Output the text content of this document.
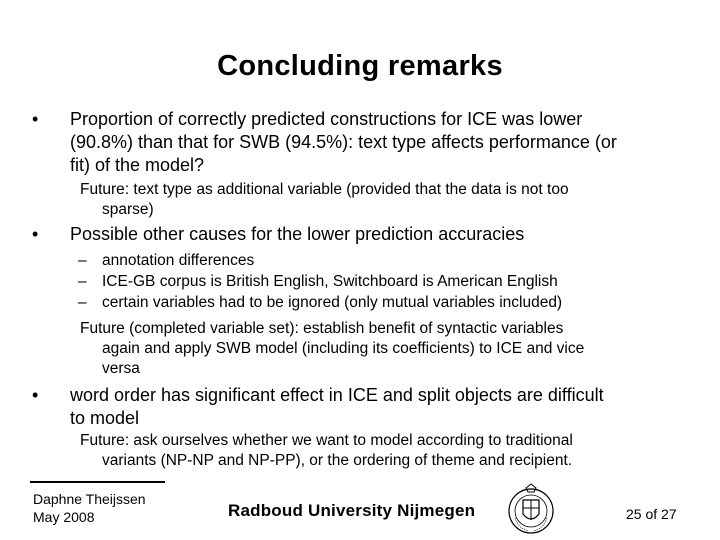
Concluding remarks
• Proportion of correctly predicted constructions for ICE was lower
(90.8%) than that for SWB (94.5%): text type affects performance (or
fit) of the model?
Future: text type as additional variable (provided that the data is not too
sparse)
• Possible other causes for the lower prediction accuracies
– annotation differences
– ICE-GB corpus is British English, Switchboard is American English
– certain variables had to be ignored (only mutual variables included)
Future (completed variable set): establish benefit of syntactic variables
again and apply SWB model (including its coefficients) to ICE and vice
versa
• word order has significant effect in ICE and split objects are difficult
to model
Future: ask ourselves whether we want to model according to traditional
variants (NP-NP and NP-PP), or the ordering of theme and recipient.
Daphne Theijssen
May 2008	Radboud University Nijmegen	25 of 27
